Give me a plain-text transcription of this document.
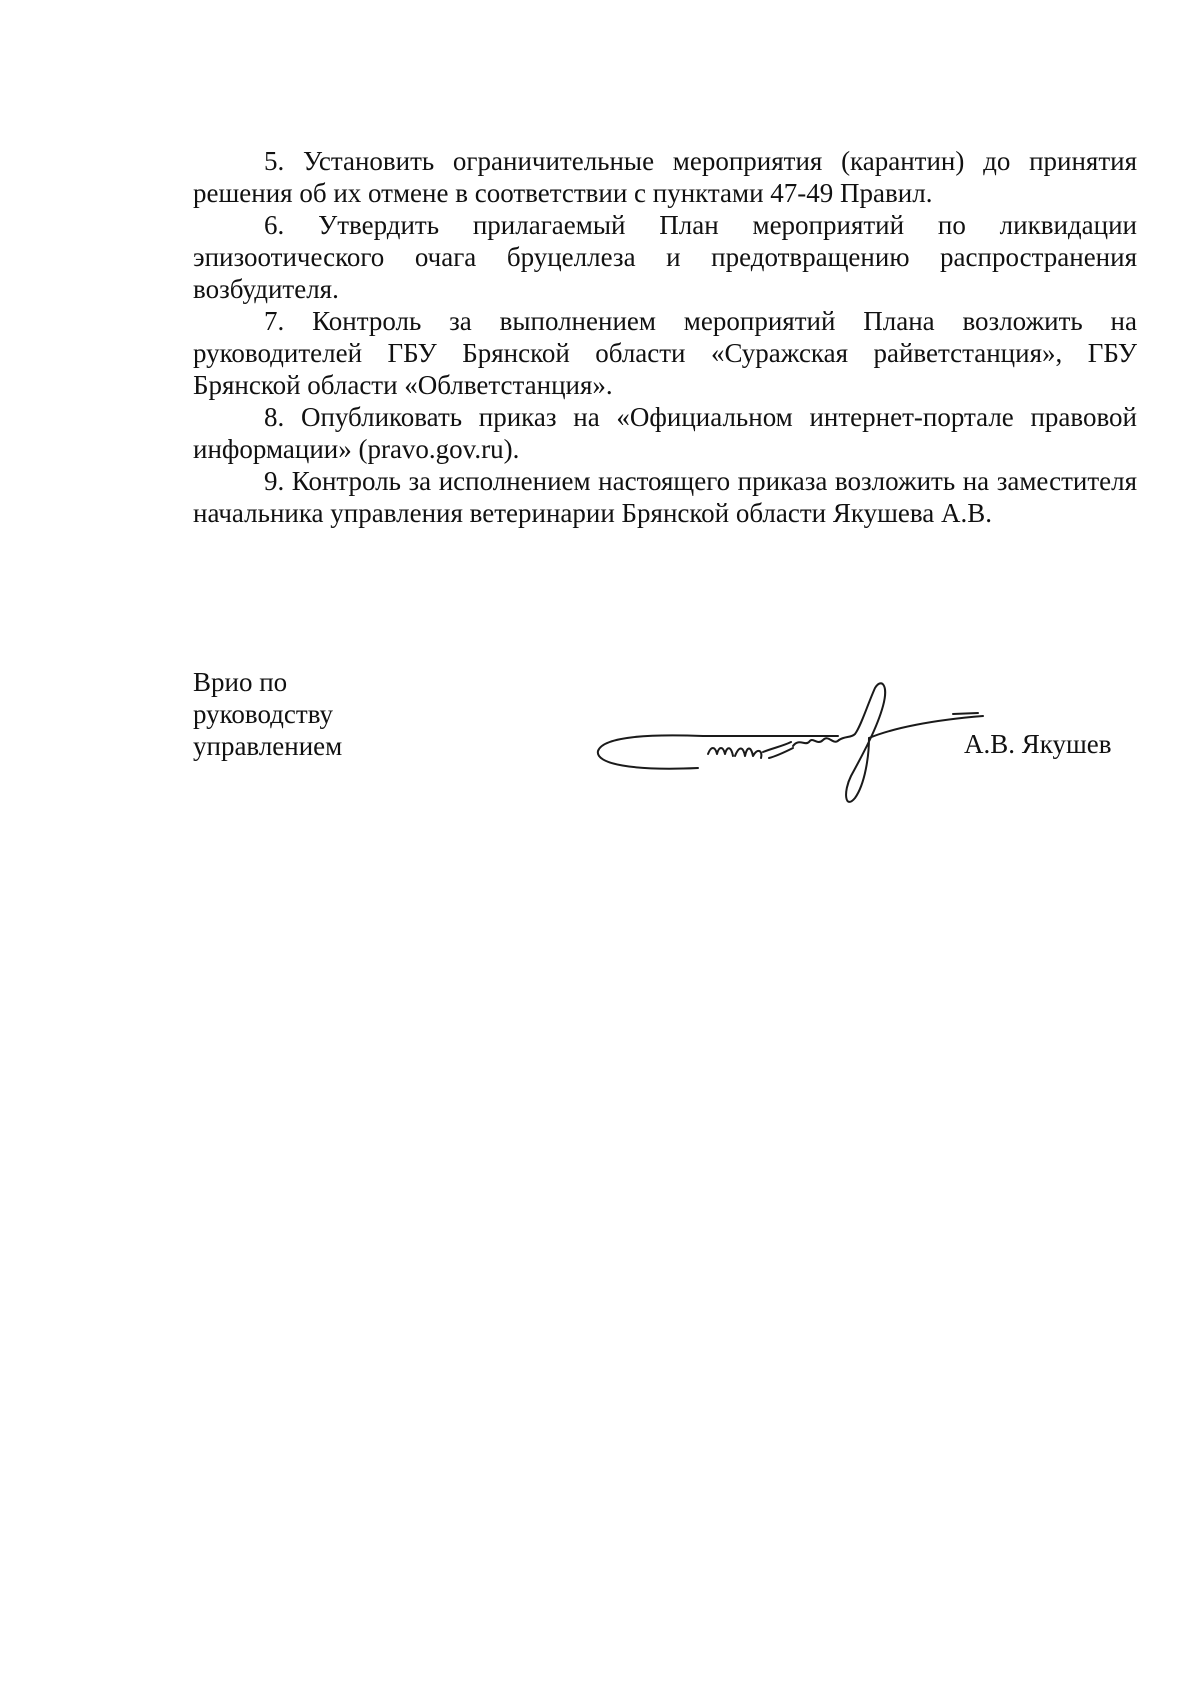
5. Установить ограничительные мероприятия (карантин) до принятия решения об их отмене в соответствии с пунктами 47-49 Правил.

6. Утвердить прилагаемый План мероприятий по ликвидации эпизоотического очага бруцеллеза и предотвращению распространения возбудителя.

7. Контроль за выполнением мероприятий Плана возложить на руководителей ГБУ Брянской области «Суражская райветстанция», ГБУ Брянской области «Облветстанция».

8. Опубликовать приказ на «Официальном интернет-портале правовой информации» (pravo.gov.ru).

9. Контроль за исполнением настоящего приказа возложить на заместителя начальника управления ветеринарии Брянской области Якушева А.В.

Врио по
руководству
управлением	А.В. Якушев
